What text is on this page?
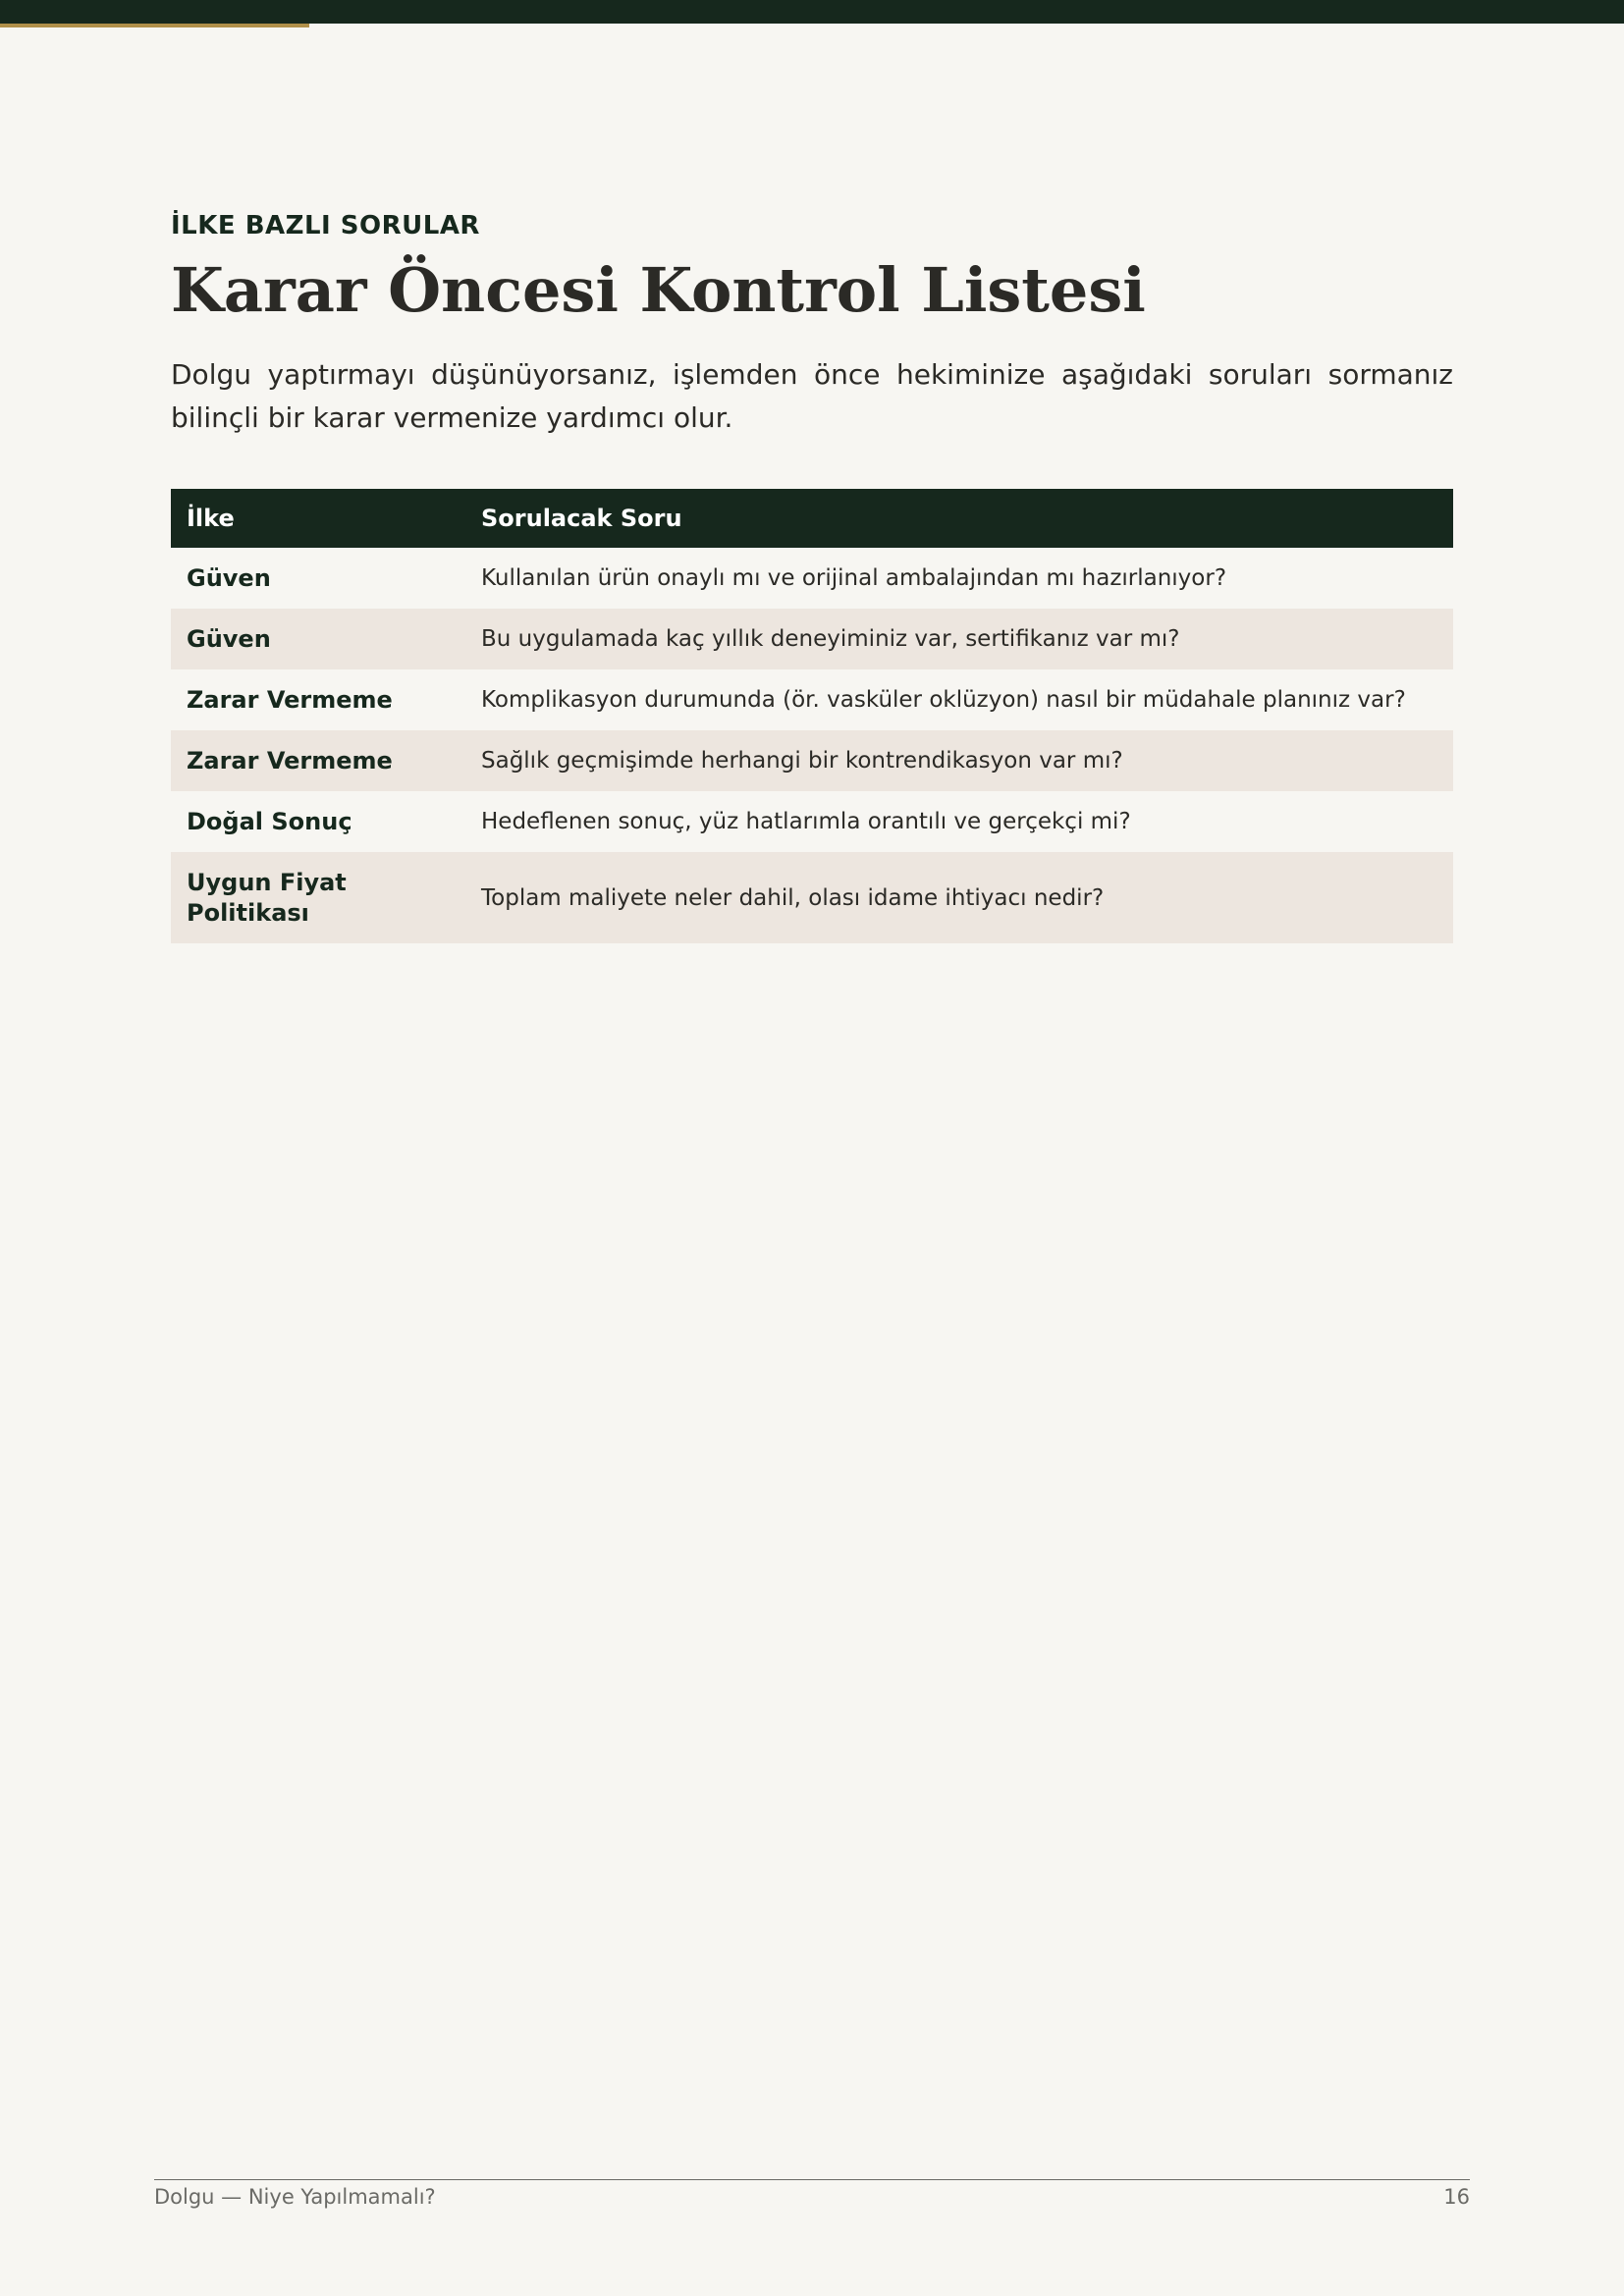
İLKE BAZLI SORULAR
Karar Öncesi Kontrol Listesi

Dolgu yaptırmayı düşünüyorsanız, işlemden önce hekiminize aşağıdaki soruları sormanız bilinçli bir karar vermenize yardımcı olur.

İlke	Sorulacak Soru
Güven	Kullanılan ürün onaylı mı ve orijinal ambalajından mı hazırlanıyor?
Güven	Bu uygulamada kaç yıllık deneyiminiz var, sertifikanız var mı?
Zarar Vermeme	Komplikasyon durumunda (ör. vasküler oklüzyon) nasıl bir müdahale planınız var?
Zarar Vermeme	Sağlık geçmişimde herhangi bir kontrendikasyon var mı?
Doğal Sonuç	Hedeflenen sonuç, yüz hatlarımla orantılı ve gerçekçi mi?
Uygun Fiyat Politikası	Toplam maliyete neler dahil, olası idame ihtiyacı nedir?
Dolgu — Niye Yapılmamalı?	16
